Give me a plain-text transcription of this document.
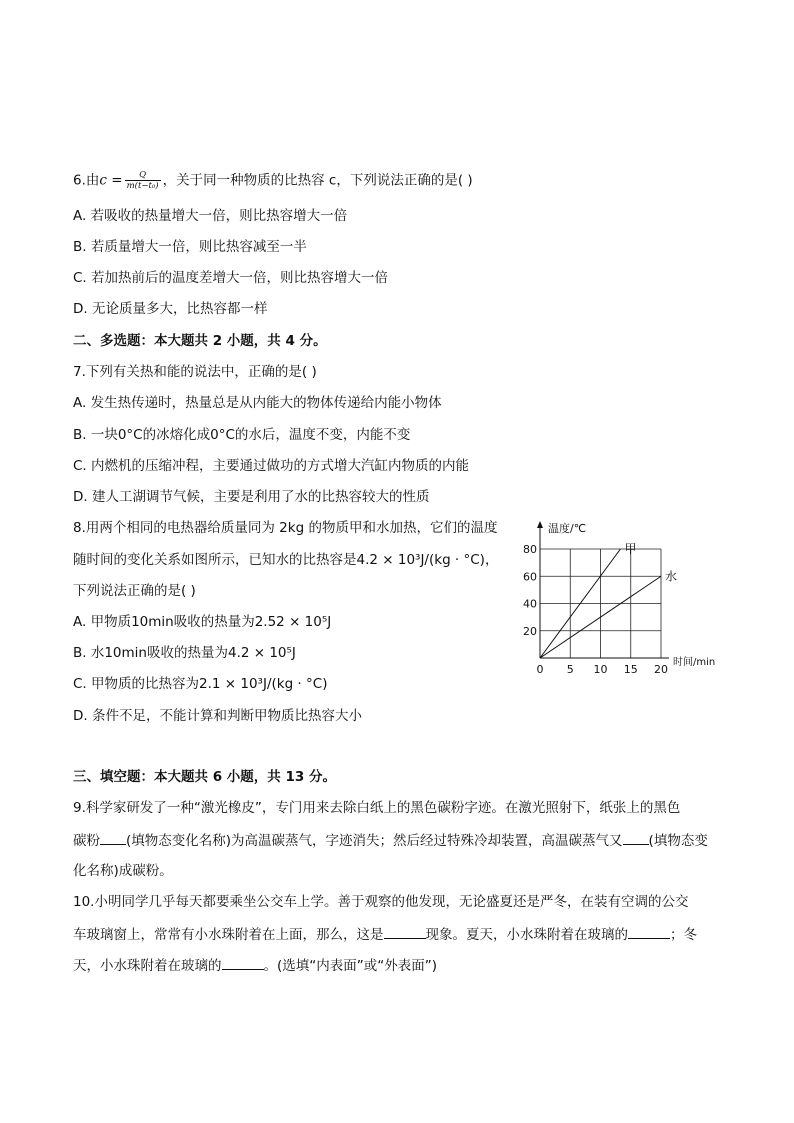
6.由$c = \frac{Q}{\text{m(t−t₀)}}$ ，关于同一种物质的比热容 c，下列说法正确的是( )
A. 若吸收的热量增大一倍，则比热容增大一倍
B. 若质量增大一倍，则比热容减至一半
C. 若加热前后的温度差增大一倍，则比热容增大一倍
D. 无论质量多大，比热容都一样
二、多选题：本大题共 2 小题，共 4 分。
7.下列有关热和能的说法中，正确的是( )
A. 发生热传递时，热量总是从内能大的物体传递给内能小物体
B. 一块0°C的冰熔化成0°C的水后，温度不变，内能不变
C. 内燃机的压缩冲程，主要通过做功的方式增大汽缸内物质的内能
D. 建人工湖调节气候，主要是利用了水的比热容较大的性质
8.用两个相同的电热器给质量同为 2kg 的物质甲和水加热，它们的温度
随时间的变化关系如图所示，已知水的比热容是4.2 × 10³J/(kg · °C)，
下列说法正确的是( )
A. 甲物质10min吸收的热量为2.52 × 10⁵J
B. 水10min吸收的热量为4.2 × 10⁵J
C. 甲物质的比热容为2.1 × 10³J/(kg · °C)
D. 条件不足，不能计算和判断甲物质比热容大小
甲
水
0 5 10 15 20
20
40
60
80
温度/℃
时间/min
三、填空题：本大题共 6 小题，共 13 分。
9.科学家研发了一种“激光橡皮”，专门用来去除白纸上的黑色碳粉字迹。在激光照射下，纸张上的黑色
碳粉 (填物态变化名称)为高温碳蒸气，字迹消失；然后经过特殊冷却装置，高温碳蒸气又 (填物态变
化名称)成碳粉。
10.小明同学几乎每天都要乘坐公交车上学。善于观察的他发现，无论盛夏还是严冬，在装有空调的公交
车玻璃窗上，常常有小水珠附着在上面，那么，这是	现象。夏天，小水珠附着在玻璃的	；冬
天，小水珠附着在玻璃的	。(选填“内表面”或“外表面”)
